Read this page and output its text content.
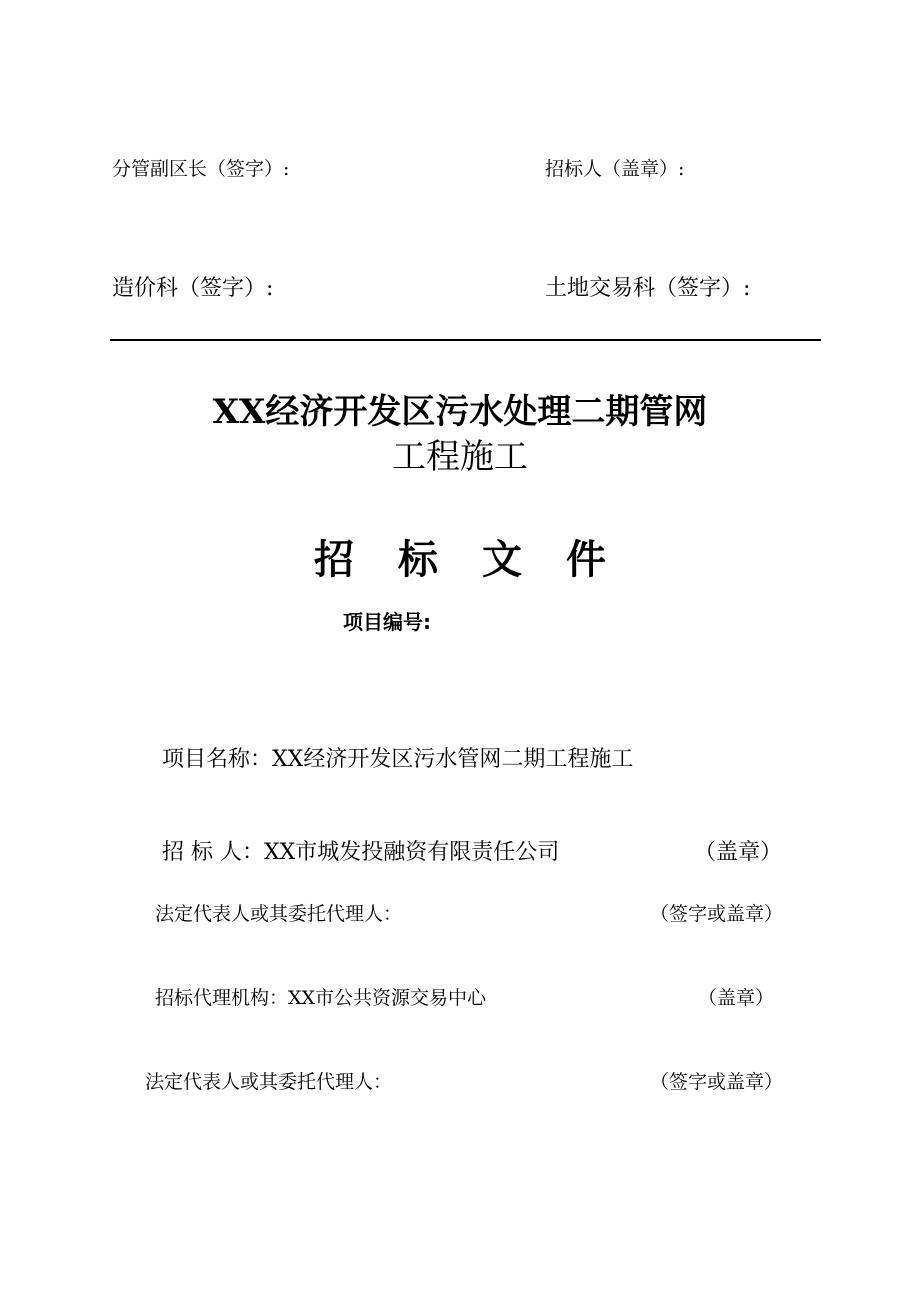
分管副区长（签字）:	招标人（盖章）:
造价科（签字）:	土地交易科（签字）:
XX经济开发区污水处理二期管网
工程施工
招标文件
项目编号:
项目名称：XX经济开发区污水管网二期工程施工
招 标 人：XX市城发投融资有限责任公司	（盖章）
法定代表人或其委托代理人：	（签字或盖章）
招标代理机构：XX市公共资源交易中心	（盖章）
法定代表人或其委托代理人：	（签字或盖章）
